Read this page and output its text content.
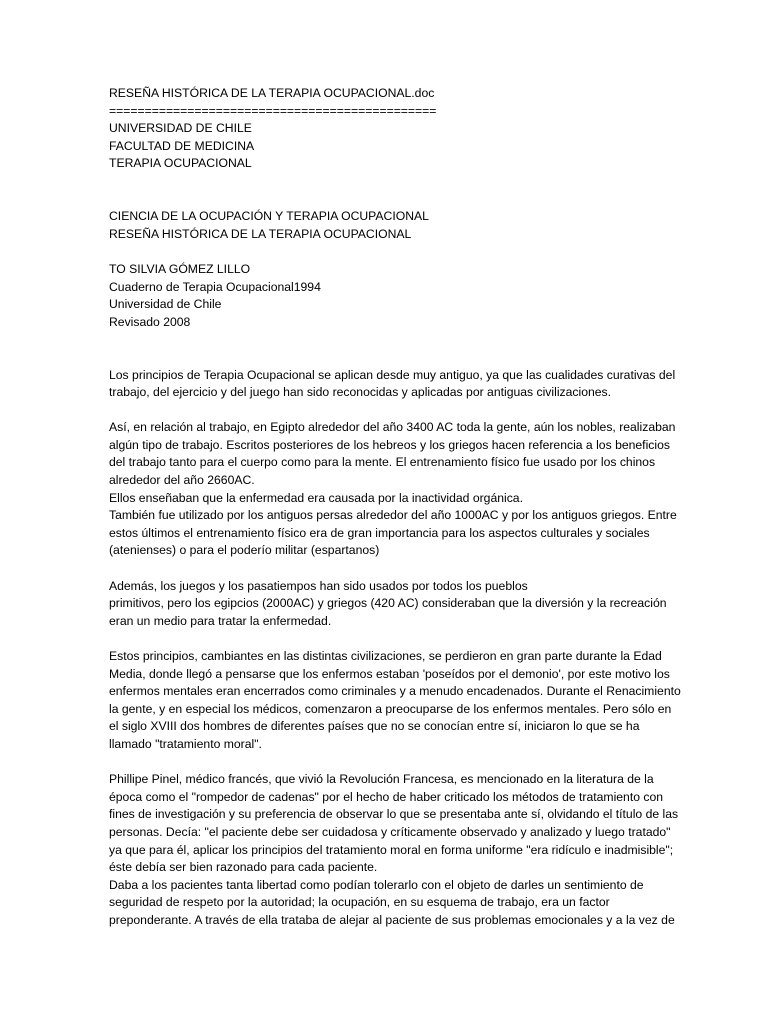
RESEÑA HISTÓRICA DE LA TERAPIA OCUPACIONAL.doc
==============================================
UNIVERSIDAD DE CHILE
FACULTAD DE MEDICINA
TERAPIA OCUPACIONAL
CIENCIA DE LA OCUPACIÓN Y TERAPIA OCUPACIONAL
RESEÑA HISTÓRICA DE LA TERAPIA OCUPACIONAL
TO SILVIA GÓMEZ LILLO
Cuaderno de Terapia Ocupacional1994
Universidad de Chile
Revisado 2008
Los principios de Terapia Ocupacional se aplican desde muy antiguo, ya que las cualidades curativas del
trabajo, del ejercicio y del juego han sido reconocidas y aplicadas por antiguas civilizaciones.
Así, en relación al trabajo, en Egipto alrededor del año 3400 AC toda la gente, aún los nobles, realizaban
algún tipo de trabajo. Escritos posteriores de los hebreos y los griegos hacen referencia a los beneficios
del trabajo tanto para el cuerpo como para la mente. El entrenamiento físico fue usado por los chinos
alrededor del año 2660AC.
Ellos enseñaban que la enfermedad era causada por la inactividad orgánica.
También fue utilizado por los antiguos persas alrededor del año 1000AC y por los antiguos griegos. Entre
estos últimos el entrenamiento físico era de gran importancia para los aspectos culturales y sociales
(atenienses) o para el poderío militar (espartanos)
Además, los juegos y los pasatiempos han sido usados por todos los pueblos
primitivos, pero los egipcios (2000AC) y griegos (420 AC) consideraban que la diversión y la recreación
eran un medio para tratar la enfermedad.
Estos principios, cambiantes en las distintas civilizaciones, se perdieron en gran parte durante la Edad
Media, donde llegó a pensarse que los enfermos estaban 'poseídos por el demonio', por este motivo los
enfermos mentales eran encerrados como criminales y a menudo encadenados. Durante el Renacimiento
la gente, y en especial los médicos, comenzaron a preocuparse de los enfermos mentales. Pero sólo en
el siglo XVIII dos hombres de diferentes países que no se conocían entre sí, iniciaron lo que se ha
llamado "tratamiento moral".
Phillipe Pinel, médico francés, que vivió la Revolución Francesa, es mencionado en la literatura de la
época como el "rompedor de cadenas" por el hecho de haber criticado los métodos de tratamiento con
fines de investigación y su preferencia de observar lo que se presentaba ante sí, olvidando el título de las
personas. Decía: "el paciente debe ser cuidadosa y críticamente observado y analizado y luego tratado"
ya que para él, aplicar los principios del tratamiento moral en forma uniforme "era ridículo e inadmisible";
éste debía ser bien razonado para cada paciente.
Daba a los pacientes tanta libertad como podían tolerarlo con el objeto de darles un sentimiento de
seguridad de respeto por la autoridad; la ocupación, en su esquema de trabajo, era un factor
preponderante. A través de ella trataba de alejar al paciente de sus problemas emocionales y a la vez de
